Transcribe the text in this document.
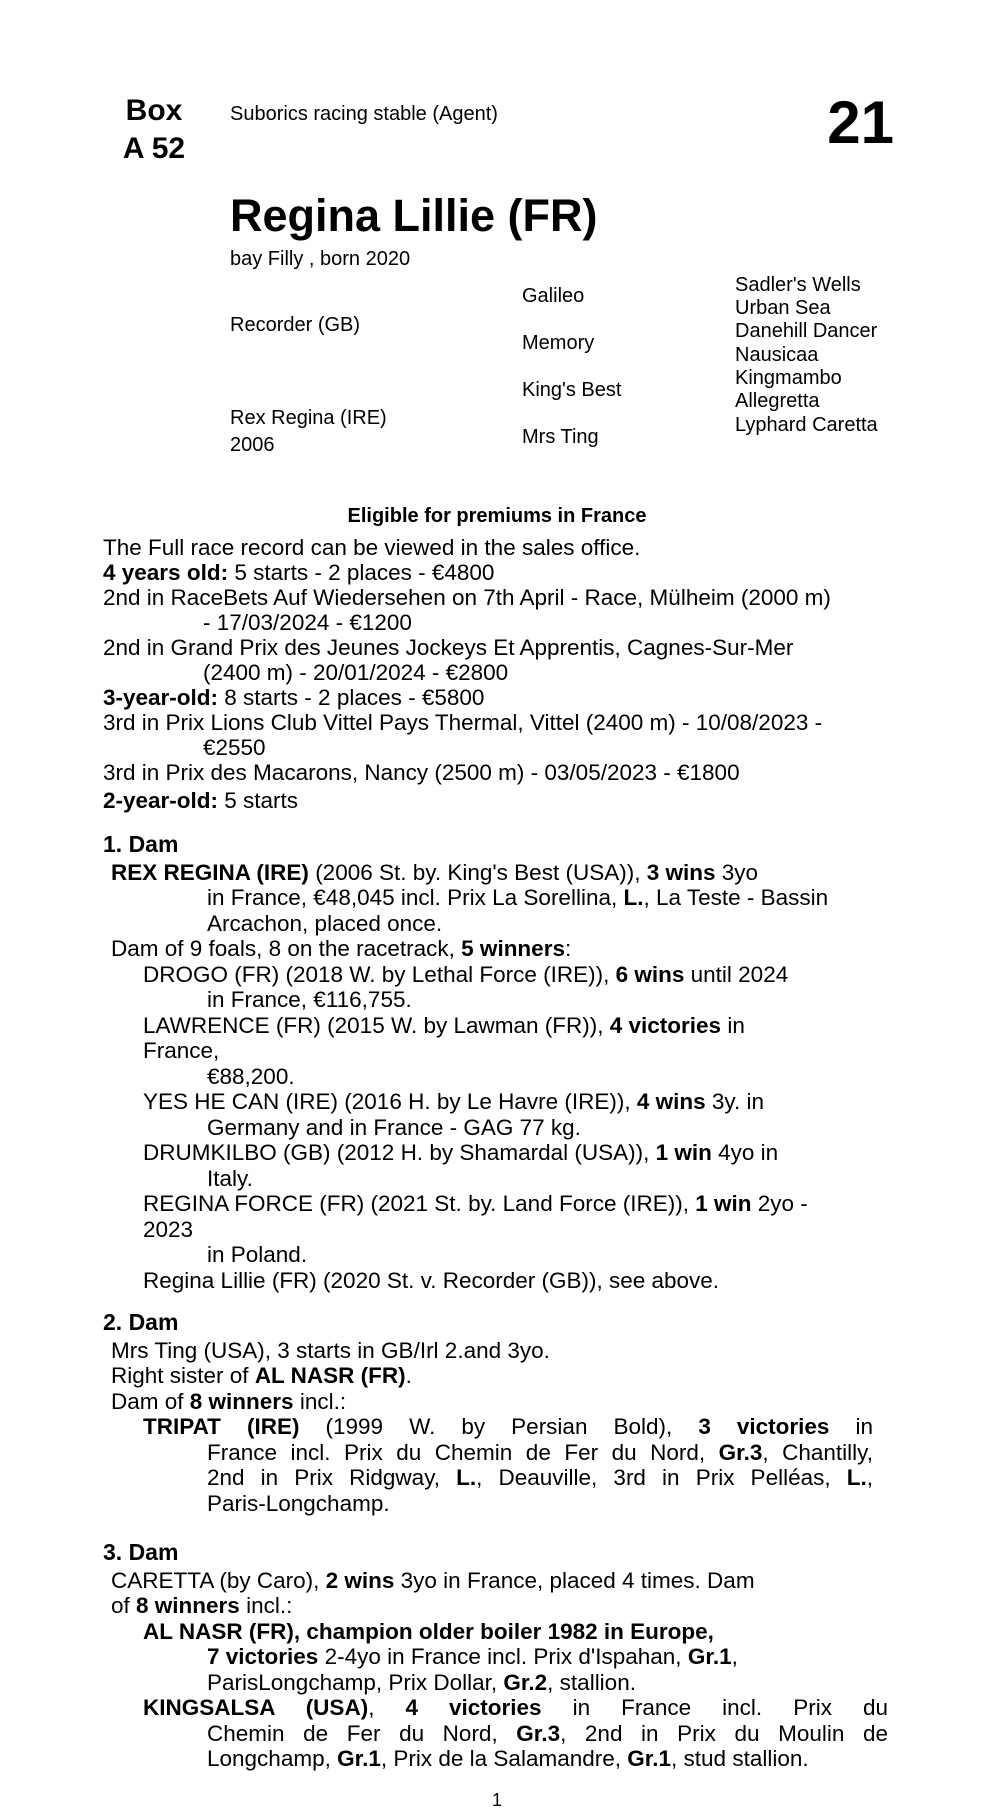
Box
A 52
Suborics racing stable (Agent)	21
Regina Lillie (FR)
bay Filly , born 2020
Recorder (GB)
Rex Regina (IRE)
2006
Galileo
Memory
King's Best
Mrs Ting
Sadler's Wells
Urban Sea
Danehill Dancer
Nausicaa
Kingmambo
Allegretta
Lyphard Caretta
Eligible for premiums in France
The Full race record can be viewed in the sales office.
4 years old: 5 starts - 2 places - €4800
2nd in RaceBets Auf Wiedersehen on 7th April - Race, Mülheim (2000 m)
- 17/03/2024 - €1200
2nd in Grand Prix des Jeunes Jockeys Et Apprentis, Cagnes-Sur-Mer
(2400 m) - 20/01/2024 - €2800
3-year-old: 8 starts - 2 places - €5800
3rd in Prix Lions Club Vittel Pays Thermal, Vittel (2400 m) - 10/08/2023 -
€2550
3rd in Prix des Macarons, Nancy (2500 m) - 03/05/2023 - €1800
2-year-old: 5 starts
1. Dam
REX REGINA (IRE) (2006 St. by. King's Best (USA)), 3 wins 3yo
in France, €48,045 incl. Prix La Sorellina, L., La Teste - Bassin
Arcachon, placed once.
Dam of 9 foals, 8 on the racetrack, 5 winners:
DROGO (FR) (2018 W. by Lethal Force (IRE)), 6 wins until 2024
in France, €116,755.
LAWRENCE (FR) (2015 W. by Lawman (FR)), 4 victories in
France,
€88,200.
YES HE CAN (IRE) (2016 H. by Le Havre (IRE)), 4 wins 3y. in
Germany and in France - GAG 77 kg.
DRUMKILBO (GB) (2012 H. by Shamardal (USA)), 1 win 4yo in
Italy.
REGINA FORCE (FR) (2021 St. by. Land Force (IRE)), 1 win 2yo -
2023
in Poland.
Regina Lillie (FR) (2020 St. v. Recorder (GB)), see above.
2. Dam
Mrs Ting (USA), 3 starts in GB/Irl 2.and 3yo.
Right sister of AL NASR (FR).
Dam of 8 winners incl.:
TRIPAT (IRE) (1999 W. by Persian Bold), 3 victories in
France incl. Prix du Chemin de Fer du Nord, Gr.3, Chantilly,
2nd in Prix Ridgway, L., Deauville, 3rd in Prix Pelléas, L.,
Paris-Longchamp.
3. Dam
CARETTA (by Caro), 2 wins 3yo in France, placed 4 times. Dam
of 8 winners incl.:
AL NASR (FR), champion older boiler 1982 in Europe,
7 victories 2-4yo in France incl. Prix d'Ispahan, Gr.1,
ParisLongchamp, Prix Dollar, Gr.2, stallion.
KINGSALSA (USA), 4 victories in France incl. Prix du
Chemin de Fer du Nord, Gr.3, 2nd in Prix du Moulin de
Longchamp, Gr.1, Prix de la Salamandre, Gr.1, stud stallion.
1
